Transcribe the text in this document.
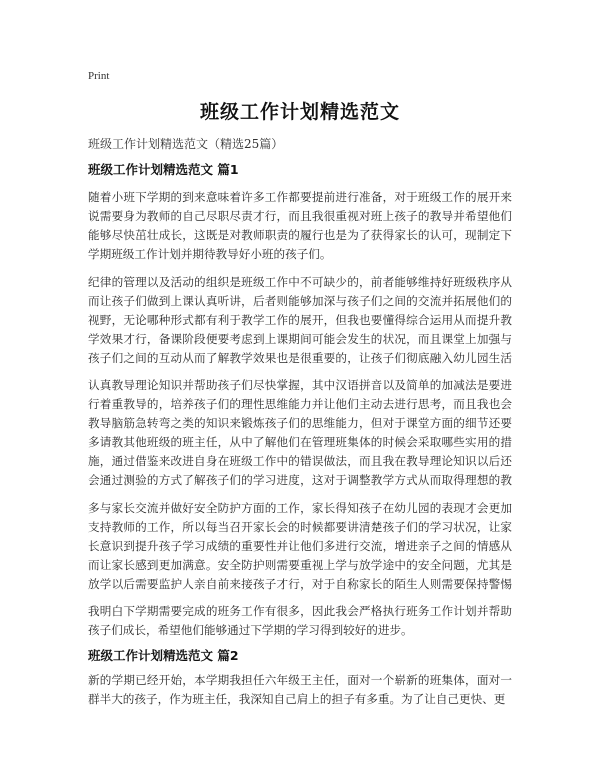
Print
班级工作计划精选范文
班级工作计划精选范文（精选25篇）
班级工作计划精选范文 篇1
随着小班下学期的到来意味着许多工作都要提前进行准备，对于班级工作的展开来说需要身为教师的自己尽职尽责才行，而且我很重视对班上孩子的教导并希望他们能够尽快茁壮成长，这既是对教师职责的履行也是为了获得家长的认可，现制定下学期班级工作计划并期待教导好小班的孩子们。
纪律的管理以及活动的组织是班级工作中不可缺少的，前者能够维持好班级秩序从而让孩子们做到上课认真听讲，后者则能够加深与孩子们之间的交流并拓展他们的视野，无论哪种形式都有利于教学工作的展开，但我也要懂得综合运用从而提升教学效果才行，备课阶段便要考虑到上课期间可能会发生的状况，而且课堂上加强与孩子们之间的互动从而了解教学效果也是很重要的，让孩子们彻底融入幼儿园生活
认真教导理论知识并帮助孩子们尽快掌握，其中汉语拼音以及简单的加减法是要进行着重教导的，培养孩子们的理性思维能力并让他们主动去进行思考，而且我也会教导脑筋急转弯之类的知识来锻炼孩子们的思维能力，但对于课堂方面的细节还要多请教其他班级的班主任，从中了解他们在管理班集体的时候会采取哪些实用的措施，通过借鉴来改进自身在班级工作中的错误做法，而且我在教导理论知识以后还会通过测验的方式了解孩子们的学习进度，这对于调整教学方式从而取得理想的教
多与家长交流并做好安全防护方面的工作，家长得知孩子在幼儿园的表现才会更加支持教师的工作，所以每当召开家长会的时候都要讲清楚孩子们的学习状况，让家长意识到提升孩子学习成绩的重要性并让他们多进行交流，增进亲子之间的情感从而让家长感到更加满意。安全防护则需要重视上学与放学途中的安全问题，尤其是放学以后需要监护人亲自前来接孩子才行，对于自称家长的陌生人则需要保持警惕
我明白下学期需要完成的班务工作有很多，因此我会严格执行班务工作计划并帮助孩子们成长，希望他们能够通过下学期的学习得到较好的进步。
班级工作计划精选范文 篇2
新的学期已经开始，本学期我担任六年级王主任，面对一个崭新的班集体，面对一群半大的孩子，作为班主任，我深知自己肩上的担子有多重。为了让自己更快、更
